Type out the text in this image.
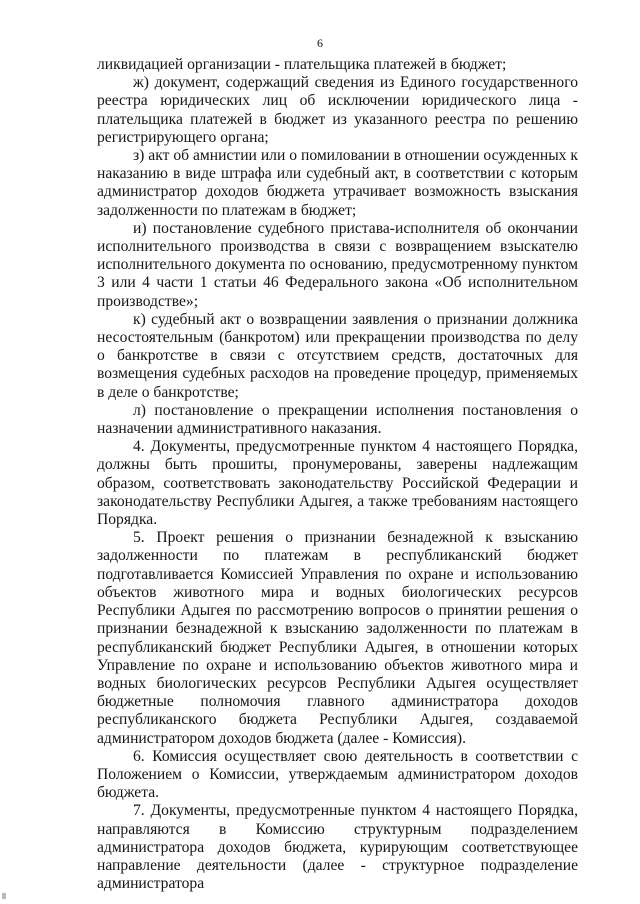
6

ликвидацией организации - плательщика платежей в бюджет;

ж) документ, содержащий сведения из Единого государственного реестра юридических лиц об исключении юридического лица - плательщика платежей в бюджет из указанного реестра по решению регистрирующего органа;

з) акт об амнистии или о помиловании в отношении осужденных к наказанию в виде штрафа или судебный акт, в соответствии с которым администратор доходов бюджета утрачивает возможность взыскания задолженности по платежам в бюджет;

и) постановление судебного пристава-исполнителя об окончании исполнительного производства в связи с возвращением взыскателю исполнительного документа по основанию, предусмотренному пунктом 3 или 4 части 1 статьи 46 Федерального закона «Об исполнительном производстве»;

к) судебный акт о возвращении заявления о признании должника несостоятельным (банкротом) или прекращении производства по делу о банкротстве в связи с отсутствием средств, достаточных для возмещения судебных расходов на проведение процедур, применяемых в деле о банкротстве;

л) постановление о прекращении исполнения постановления о назначении административного наказания.

4. Документы, предусмотренные пунктом 4 настоящего Порядка, должны быть прошиты, пронумерованы, заверены надлежащим образом, соответствовать законодательству Российской Федерации и законодательству Республики Адыгея, а также требованиям настоящего Порядка.

5. Проект решения о признании безнадежной к взысканию задолженности по платежам в республиканский бюджет подготавливается Комиссией Управления по охране и использованию объектов животного мира и водных биологических ресурсов Республики Адыгея по рассмотрению вопросов о принятии решения о признании безнадежной к взысканию задолженности по платежам в республиканский бюджет Республики Адыгея, в отношении которых Управление по охране и использованию объектов животного мира и водных биологических ресурсов Республики Адыгея осуществляет бюджетные полномочия главного администратора доходов республиканского бюджета Республики Адыгея, создаваемой администратором доходов бюджета (далее - Комиссия).

6. Комиссия осуществляет свою деятельность в соответствии с Положением о Комиссии, утверждаемым администратором доходов бюджета.

7. Документы, предусмотренные пунктом 4 настоящего Порядка, направляются в Комиссию структурным подразделением администратора доходов бюджета, курирующим соответствующее направление деятельности (далее - структурное подразделение администратора
